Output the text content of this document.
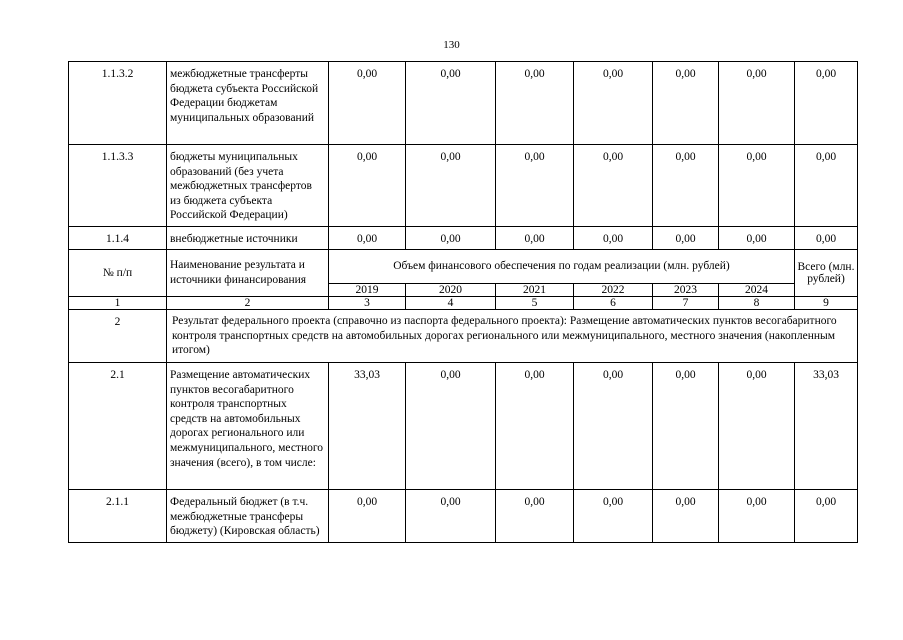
130
1.1.3.2	межбюджетные трансферты бюджета субъекта Российской Федерации бюджетам муниципальных образований	0,00	0,00	0,00	0,00	0,00	0,00	0,00
1.1.3.3	бюджеты муниципальных образований (без учета межбюджетных трансфертов из бюджета субъекта Российской Федерации)	0,00	0,00	0,00	0,00	0,00	0,00	0,00
1.1.4	внебюджетные источники	0,00	0,00	0,00	0,00	0,00	0,00	0,00
№ п/п	Наименование результата и источники финансирования	Объем финансового обеспечения по годам реализации (млн. рублей)						Всего (млн. рублей)

		2019	2020	2021	2022	2023	2024	
1	2	3	4	5	6	7	8	9
2	Результат федерального проекта (справочно из паспорта федерального проекта): Размещение автоматических пунктов весогабаритного контроля транспортных средств на автомобильных дорогах регионального или межмуниципального, местного значения (накопленным итогом)							
2.1	Размещение автоматических пунктов весогабаритного контроля транспортных средств на автомобильных дорогах регионального или межмуниципального, местного значения (всего), в том числе:	33,03	0,00	0,00	0,00	0,00	0,00	33,03
2.1.1	Федеральный бюджет (в т.ч. межбюджетные трансферы бюджету) (Кировская область)	0,00	0,00	0,00	0,00	0,00	0,00	0,00
